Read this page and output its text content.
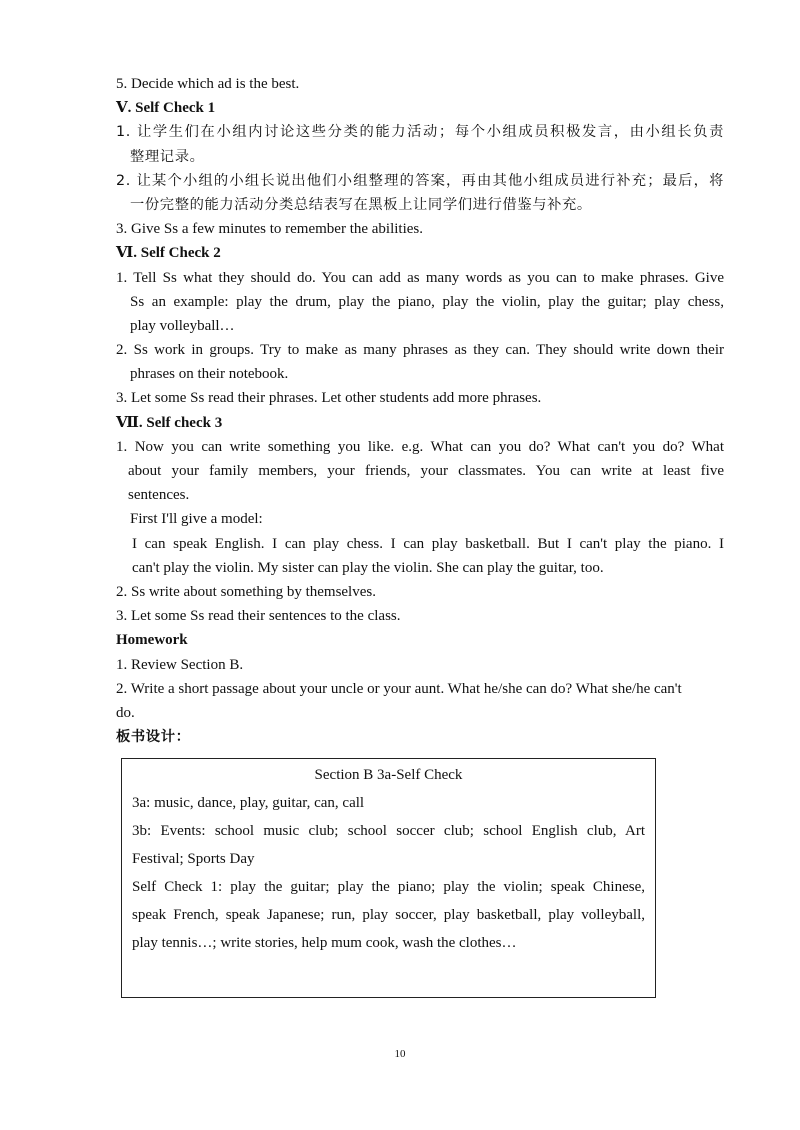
5. Decide which ad is the best.
Ⅴ. Self Check 1
1. 让学生们在小组内讨论这些分类的能力活动；每个小组成员积极发言，由小组长负责
整理记录。
2. 让某个小组的小组长说出他们小组整理的答案，再由其他小组成员进行补充；最后，将
一份完整的能力活动分类总结表写在黑板上让同学们进行借鉴与补充。
3. Give Ss a few minutes to remember the abilities.
Ⅵ. Self Check 2
1. Tell Ss what they should do. You can add as many words as you can to make phrases. Give
Ss an example: play the drum, play the piano, play the violin, play the guitar; play chess,
play volleyball…
2. Ss work in groups. Try to make as many phrases as they can. They should write down their
phrases on their notebook.
3. Let some Ss read their phrases. Let other students add more phrases.
Ⅶ. Self check 3
1. Now you can write something you like. e.g. What can you do? What can't you do? What
about your family members, your friends, your classmates. You can write at least five
sentences.
First I'll give a model:
I can speak English. I can play chess. I can play basketball. But I can't play the piano. I
can't play the violin. My sister can play the violin. She can play the guitar, too.
2. Ss write about something by themselves.
3. Let some Ss read their sentences to the class.
Homework
1. Review Section B.
2. Write a short passage about your uncle or your aunt. What he/she can do? What she/he can't
do.
板书设计：
Section B 3a-Self Check
3a: music, dance, play, guitar, can, call
3b: Events: school music club; school soccer club; school English club, Art
Festival; Sports Day
Self Check 1: play the guitar; play the piano; play the violin; speak Chinese,
speak French, speak Japanese; run, play soccer, play basketball, play volleyball,
play tennis…; write stories, help mum cook, wash the clothes…
10
